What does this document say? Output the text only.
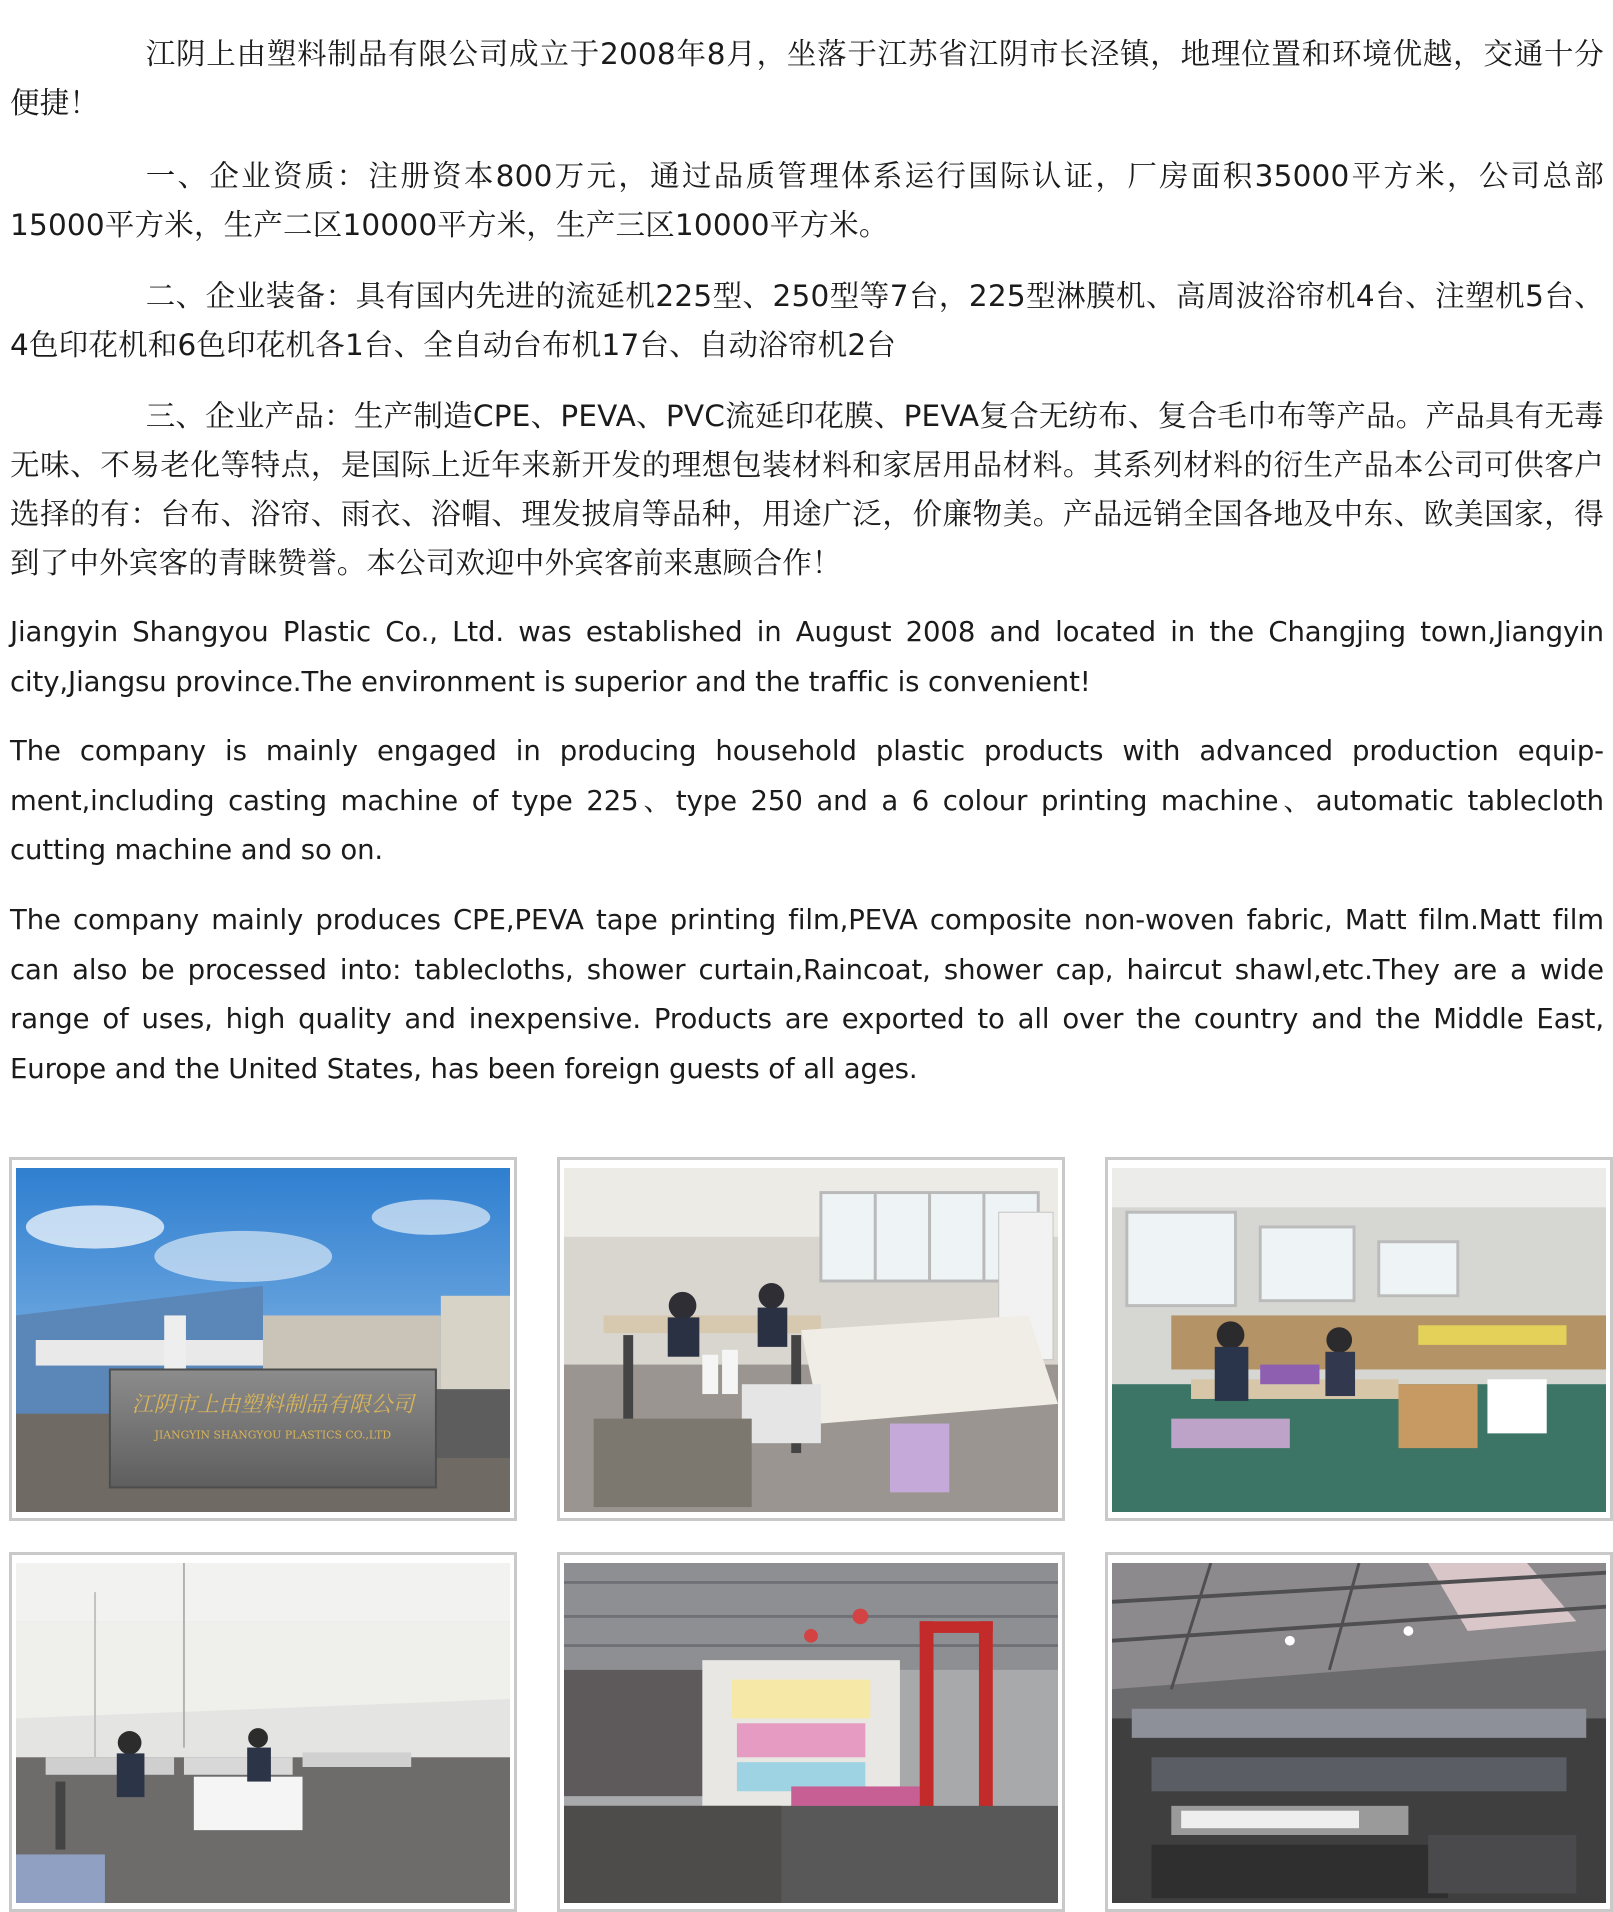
江阴上由塑料制品有限公司成立于2008年8月，坐落于江苏省江阴市长泾镇，地理位置和环境优越，交通十分便捷！

一、企业资质：注册资本800万元，通过品质管理体系运行国际认证，厂房面积35000平方米，公司总部15000平方米，生产二区10000平方米，生产三区10000平方米。

二、企业装备：具有国内先进的流延机225型、250型等7台，225型淋膜机、高周波浴帘机4台、注塑机5台、4色印花机和6色印花机各1台、全自动台布机17台、自动浴帘机2台

三、企业产品：生产制造CPE、PEVA、PVC流延印花膜、PEVA复合无纺布、复合毛巾布等产品。产品具有无毒无味、不易老化等特点，是国际上近年来新开发的理想包装材料和家居用品材料。其系列材料的衍生产品本公司可供客户选择的有：台布、浴帘、雨衣、浴帽、理发披肩等品种，用途广泛，价廉物美。产品远销全国各地及中东、欧美国家，得到了中外宾客的青睐赞誉。本公司欢迎中外宾客前来惠顾合作！

Jiangyin Shangyou Plastic Co., Ltd. was established in August 2008 and located in the Changjing town,Jiangyin city,Jiangsu province.The environment is superior and the traffic is convenient!

The company is mainly engaged in producing household plastic products with advanced production equip-ment,including casting machine of type 225、type 250 and a 6 colour printing machine、automatic tablecloth cutting machine and so on.

The company mainly produces CPE,PEVA tape printing film,PEVA composite non-woven fabric, Matt film.Matt film can also be processed into: tablecloths, shower curtain,Raincoat, shower cap, haircut shawl,etc.They are a wide range of uses, high quality and inexpensive. Products are exported to all over the country and the Middle East, Europe and the United States, has been foreign guests of all ages.

江阴市上由塑料制品有限公司
JIANGYIN SHANGYOU PLASTICS CO.,LTD
